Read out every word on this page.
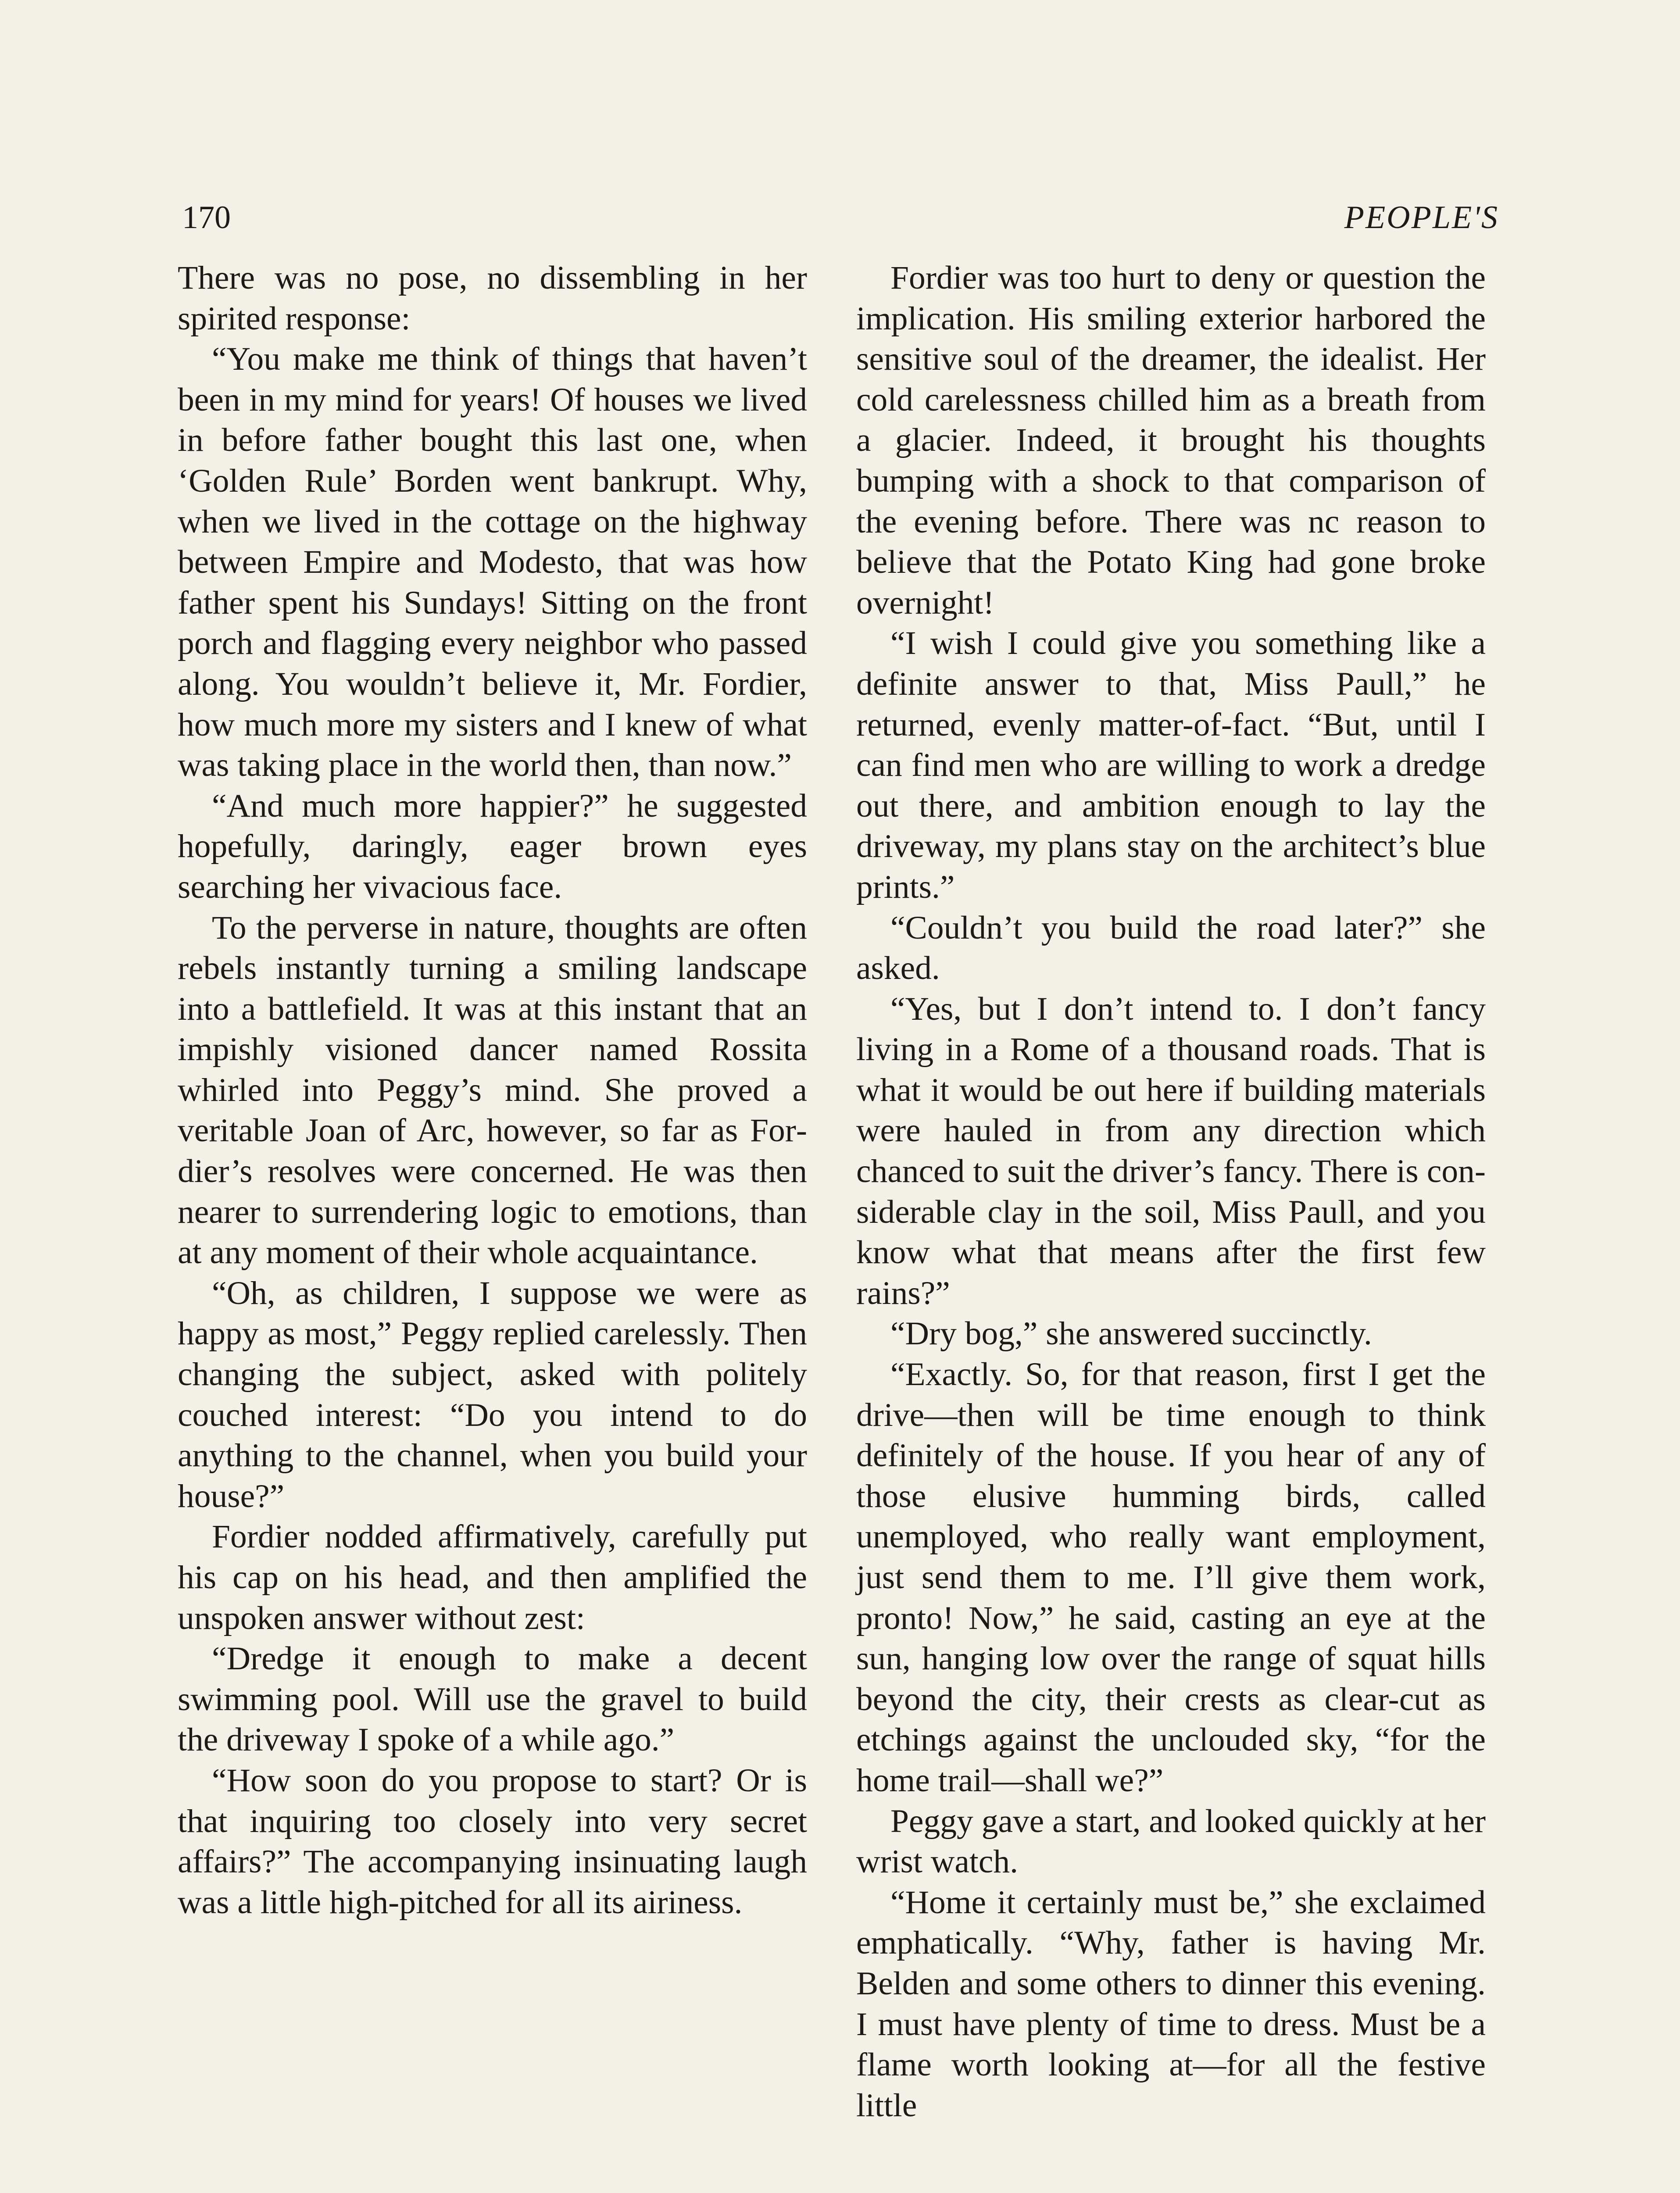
170	PEOPLE'S

There was no pose, no dissembling in her spirited response:

“You make me think of things that haven’t been in my mind for years! Of houses we lived in before father bought this last one, when ‘Golden Rule’ Borden went bankrupt. Why, when we lived in the cottage on the highway between Empire and Modesto, that was how father spent his Sundays! Sitting on the front porch and flagging every neighbor who passed along. You wouldn’t believe it, Mr. Fordier, how much more my sisters and I knew of what was taking place in the world then, than now.”

“And much more happier?” he suggested hopefully, daringly, eager brown eyes searching her vivacious face.

To the perverse in nature, thoughts are often rebels instantly turning a smiling landscape into a battlefield. It was at this instant that an impishly visioned dancer named Rossita whirled into Peggy’s mind. She proved a veritable Joan of Arc, however, so far as Fordier’s resolves were concerned. He was then nearer to surrendering logic to emotions, than at any moment of their whole acquaintance.

“Oh, as children, I suppose we were as happy as most,” Peggy replied carelessly. Then changing the subject, asked with politely couched interest: “Do you intend to do anything to the channel, when you build your house?”

Fordier nodded affirmatively, carefully put his cap on his head, and then amplified the unspoken answer without zest:

“Dredge it enough to make a decent swimming pool. Will use the gravel to build the driveway I spoke of a while ago.”

“How soon do you propose to start? Or is that inquiring too closely into very secret affairs?” The accompanying insinuating laugh was a little high-pitched for all its airiness.

Fordier was too hurt to deny or question the implication. His smiling exterior harbored the sensitive soul of the dreamer, the idealist. Her cold carelessness chilled him as a breath from a glacier. Indeed, it brought his thoughts bumping with a shock to that comparison of the evening before. There was nc reason to believe that the Potato King had gone broke overnight!

“I wish I could give you something like a definite answer to that, Miss Paull,” he returned, evenly matter-of-fact. “But, until I can find men who are willing to work a dredge out there, and ambition enough to lay the driveway, my plans stay on the architect’s blue prints.”

“Couldn’t you build the road later?” she asked.

“Yes, but I don’t intend to. I don’t fancy living in a Rome of a thousand roads. That is what it would be out here if building materials were hauled in from any direction which chanced to suit the driver’s fancy. There is considerable clay in the soil, Miss Paull, and you know what that means after the first few rains?”

“Dry bog,” she answered succinctly.

“Exactly. So, for that reason, first I get the drive—then will be time enough to think definitely of the house. If you hear of any of those elusive humming birds, called unemployed, who really want employment, just send them to me. I’ll give them work, pronto! Now,” he said, casting an eye at the sun, hanging low over the range of squat hills beyond the city, their crests as clear-cut as etchings against the unclouded sky, “for the home trail—shall we?”

Peggy gave a start, and looked quickly at her wrist watch.

“Home it certainly must be,” she exclaimed emphatically. “Why, father is having Mr. Belden and some others to dinner this evening. I must have plenty of time to dress. Must be a flame worth looking at—for all the festive little
